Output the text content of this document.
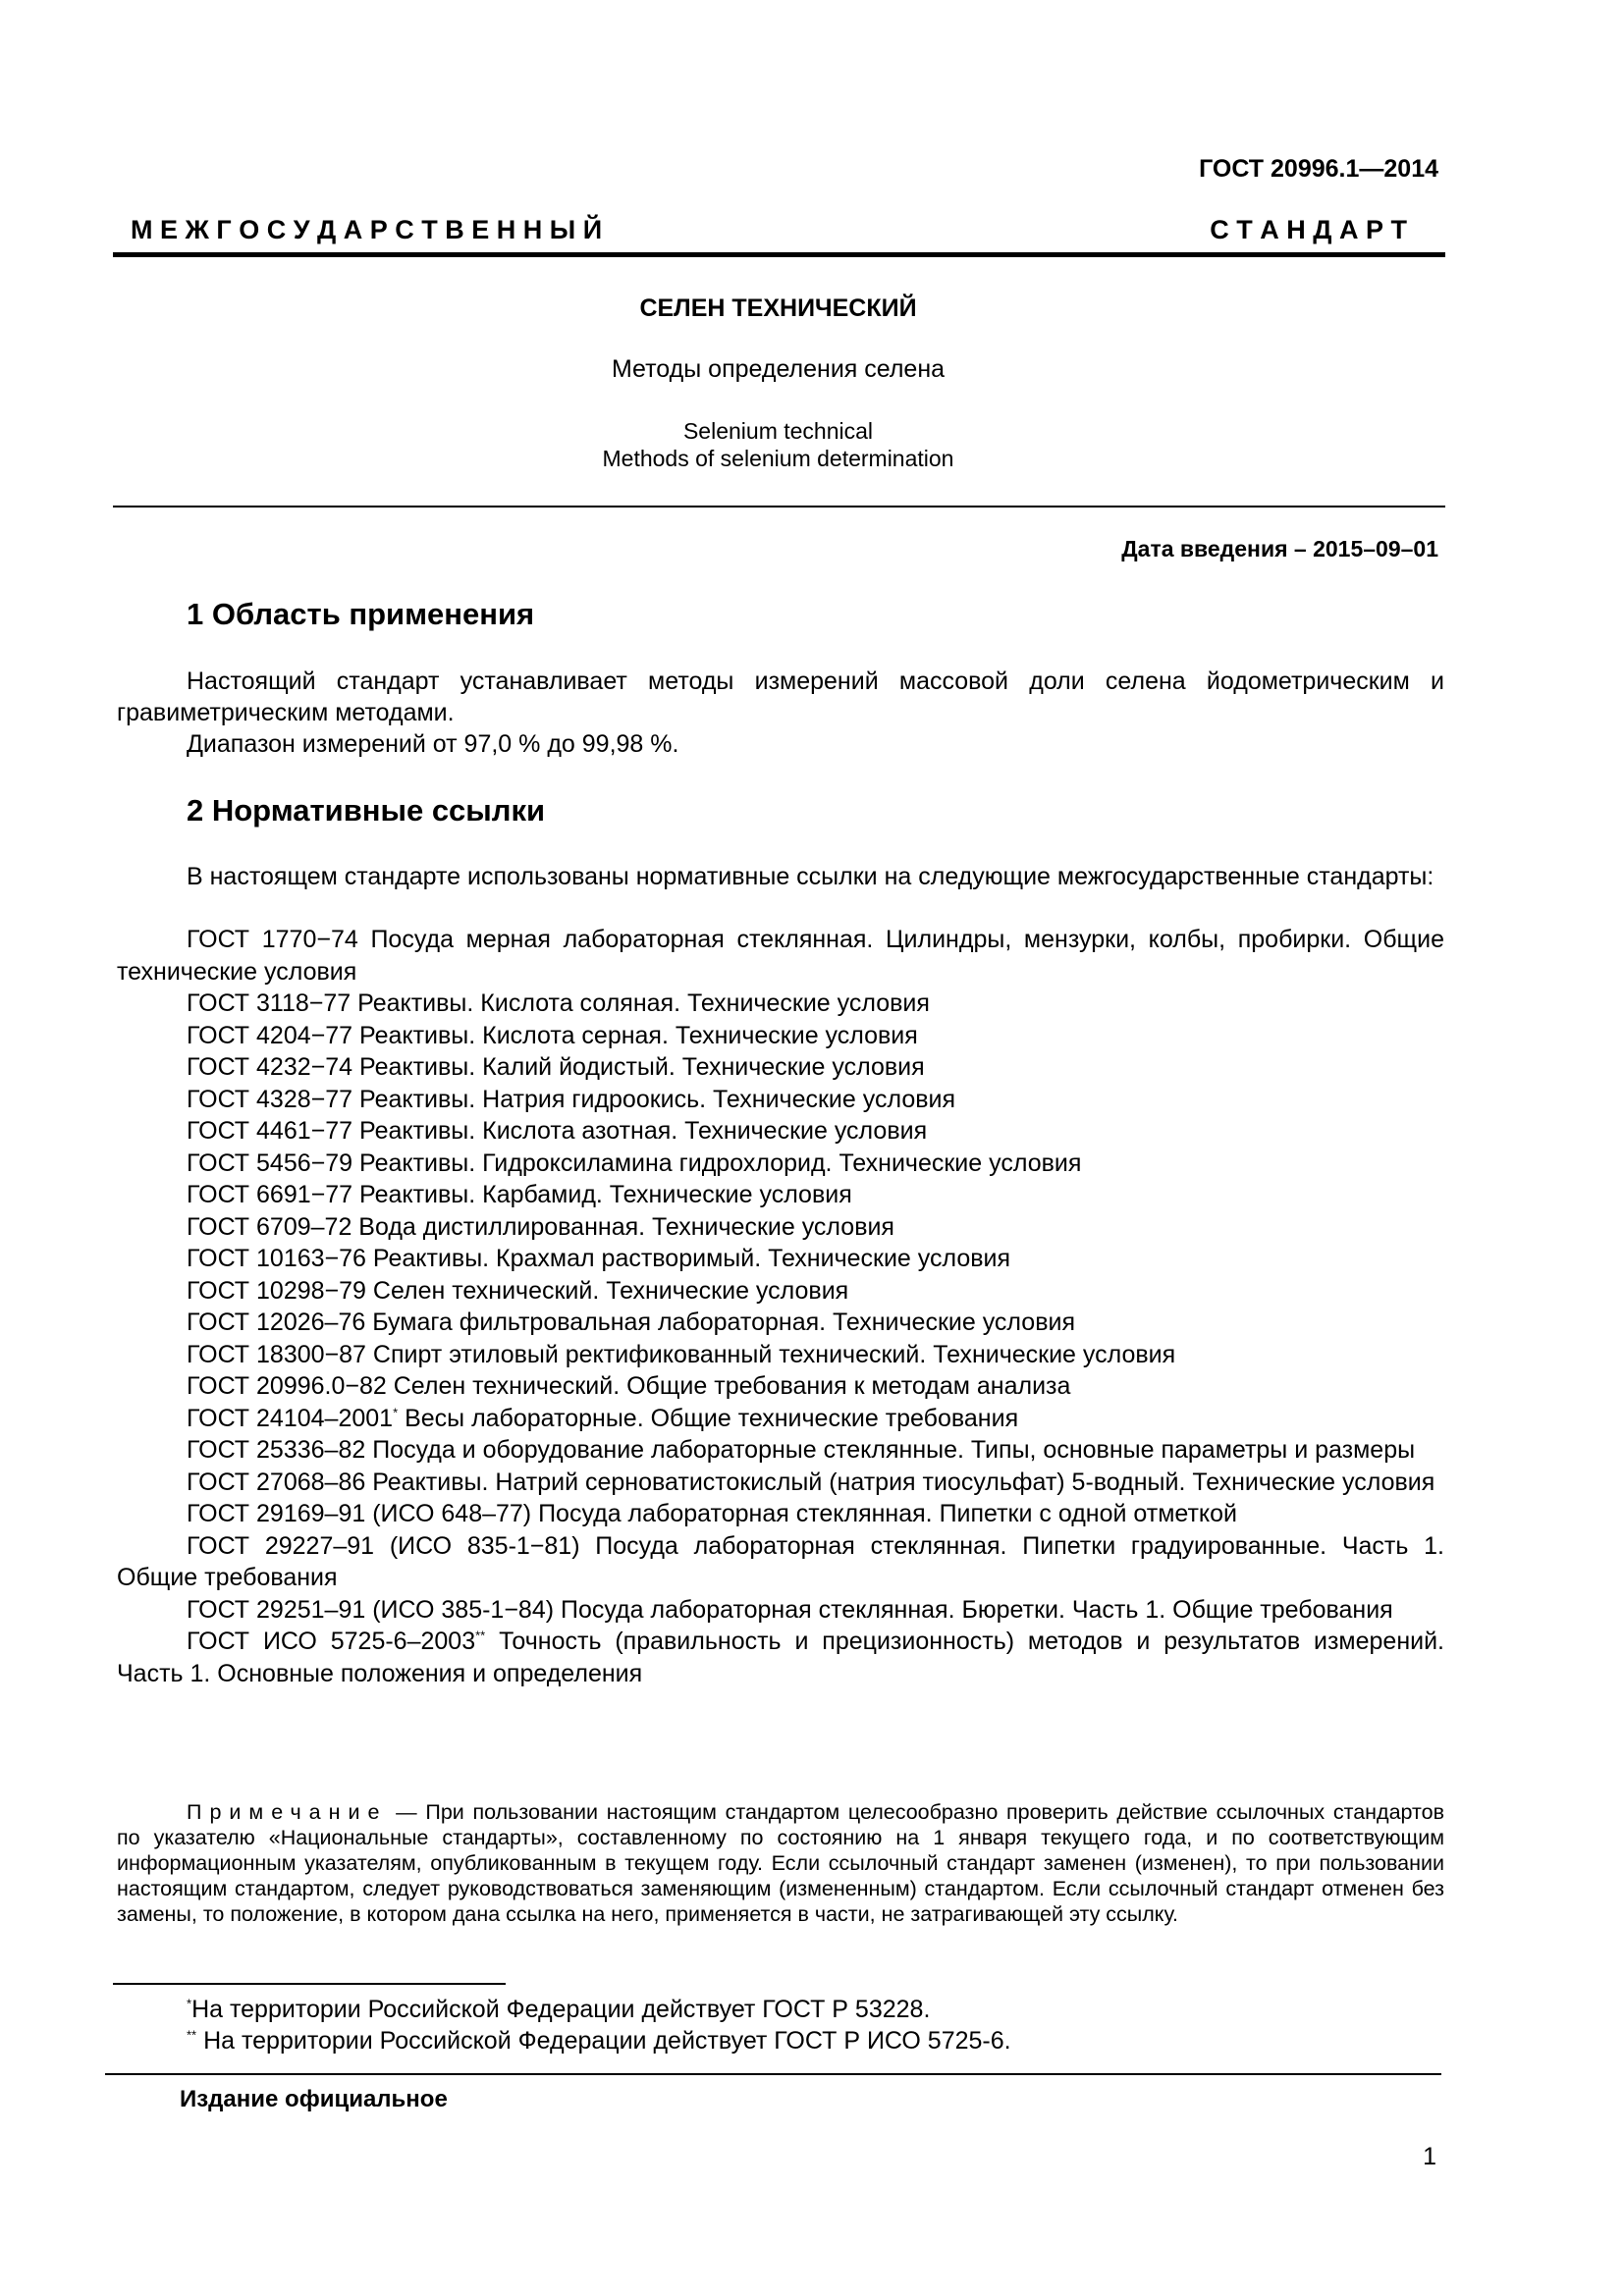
ГОСТ 20996.1—2014
М Е Ж Г О С У Д А Р С Т В Е Н Н Ы Й	С Т А Н Д А Р Т
СЕЛЕН ТЕХНИЧЕСКИЙ
Методы определения селена
Selenium technical
Methods of selenium determination
Дата введения – 2015–09–01
1 Область применения
Настоящий стандарт устанавливает методы измерений массовой доли селена йодометрическим и гравиметрическим методами.
Диапазон измерений от 97,0 % до 99,98 %.
2 Нормативные ссылки
В настоящем стандарте использованы нормативные ссылки на следующие межгосударственные стандарты:
ГОСТ 1770−74 Посуда мерная лабораторная стеклянная. Цилиндры, мензурки, колбы, пробирки. Общие технические условия
ГОСТ 3118−77 Реактивы. Кислота соляная. Технические условия
ГОСТ 4204−77 Реактивы. Кислота серная. Технические условия
ГОСТ 4232−74 Реактивы. Калий йодистый. Технические условия
ГОСТ 4328−77 Реактивы. Натрия гидроокись. Технические условия
ГОСТ 4461−77 Реактивы. Кислота азотная. Технические условия
ГОСТ 5456−79 Реактивы. Гидроксиламина гидрохлорид. Технические условия
ГОСТ 6691−77 Реактивы. Карбамид. Технические условия
ГОСТ 6709–72 Вода дистиллированная. Технические условия
ГОСТ 10163−76 Реактивы. Крахмал растворимый. Технические условия
ГОСТ 10298−79 Селен технический. Технические условия
ГОСТ 12026–76 Бумага фильтровальная лабораторная. Технические условия
ГОСТ 18300−87 Спирт этиловый ректификованный технический. Технические условия
ГОСТ 20996.0−82 Селен технический. Общие требования к методам анализа
ГОСТ 24104–2001* Весы лабораторные. Общие технические требования
ГОСТ 25336–82 Посуда и оборудование лабораторные стеклянные. Типы, основные параметры и размеры
ГОСТ 27068–86 Реактивы. Натрий серноватистокислый (натрия тиосульфат) 5-водный. Технические условия
ГОСТ 29169–91 (ИСО 648–77) Посуда лабораторная стеклянная. Пипетки с одной отметкой
ГОСТ 29227–91 (ИСО 835-1−81) Посуда лабораторная стеклянная. Пипетки градуированные. Часть 1. Общие требования
ГОСТ 29251–91 (ИСО 385-1−84) Посуда лабораторная стеклянная. Бюретки. Часть 1. Общие требования
ГОСТ ИСО 5725-6–2003** Точность (правильность и прецизионность) методов и результатов измерений. Часть 1. Основные положения и определения
Примечание — При пользовании настоящим стандартом целесообразно проверить действие ссылочных стандартов по указателю «Национальные стандарты», составленному по состоянию на 1 января текущего года, и по соответствующим информационным указателям, опубликованным в текущем году. Если ссылочный стандарт заменен (изменен), то при пользовании настоящим стандартом, следует руководствоваться заменяющим (измененным) стандартом. Если ссылочный стандарт отменен без замены, то положение, в котором дана ссылка на него, применяется в части, не затрагивающей эту ссылку.
*На территории Российской Федерации действует ГОСТ Р 53228.
** На территории Российской Федерации действует ГОСТ Р ИСО 5725-6.
Издание официальное
1
